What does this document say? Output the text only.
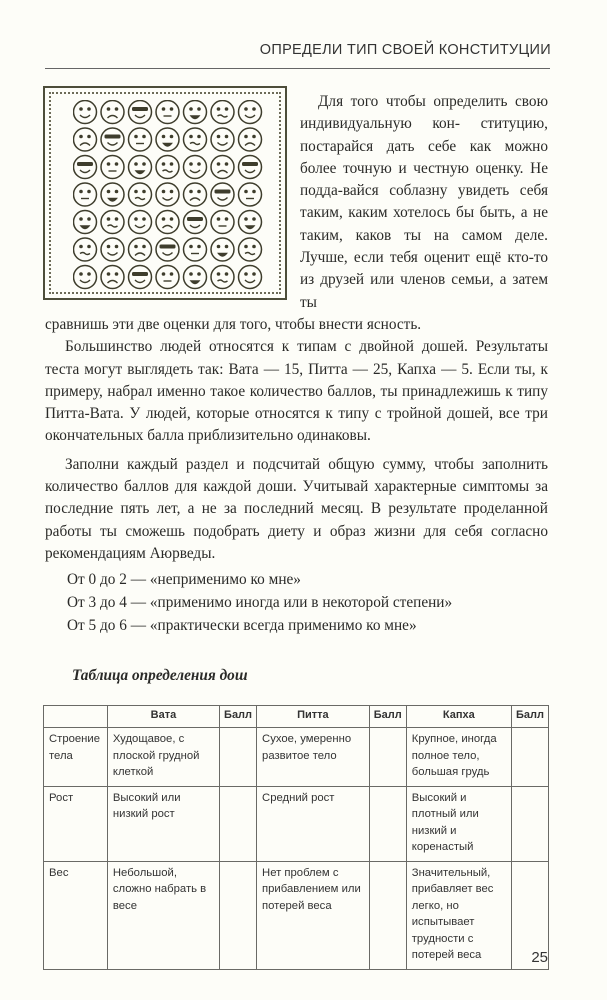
ОПРЕДЕЛИ ТИП СВОЕЙ КОНСТИТУЦИИ

Для того чтобы определить свою индивидуальную кон- ституцию, постарайся дать себе как можно более точную и честную оценку. Не подда-вайся соблазну увидеть себя таким, каким хотелось бы быть, а не таким, каков ты на самом деле. Лучше, если тебя оценит ещё кто-то из друзей или членов семьи, а затем ты

сравнишь эти две оценки для того, чтобы внести ясность.

Большинство людей относятся к типам с двойной дошей. Результаты теста могут выглядеть так: Вата — 15, Питта — 25, Капха — 5. Если ты, к примеру, набрал именно такое количество баллов, ты принадлежишь к типу Питта-Вата. У людей, которые относятся к типу с тройной дошей, все три окончательных балла приблизительно одинаковы.

Заполни каждый раздел и подсчитай общую сумму, чтобы заполнить количество баллов для каждой доши. Учитывай характерные симптомы за последние пять лет, а не за последний месяц. В результате проделанной работы ты сможешь подобрать диету и образ жизни для себя согласно рекомендациям Аюрведы.

От 0 до 2 — «неприменимо ко мне»
От 3 до 4 — «применимо иногда или в некоторой степени»
От 5 до 6 — «практически всегда применимо ко мне»
Таблица определения дош
	Вата	Балл	Питта	Балл	Капха	Балл
Строение тела	Худощавое, с плоской грудной клеткой		Сухое, умеренно развитое тело		Крупное, иногда полное тело, большая грудь	
Рост	Высокий или низкий рост		Средний рост		Высокий и плотный или низкий и коренастый	
Вес	Небольшой, сложно набрать в весе		Нет проблем с прибавлением или потерей веса		Значительный, прибавляет вес легко, но испытывает трудности с потерей веса		25
